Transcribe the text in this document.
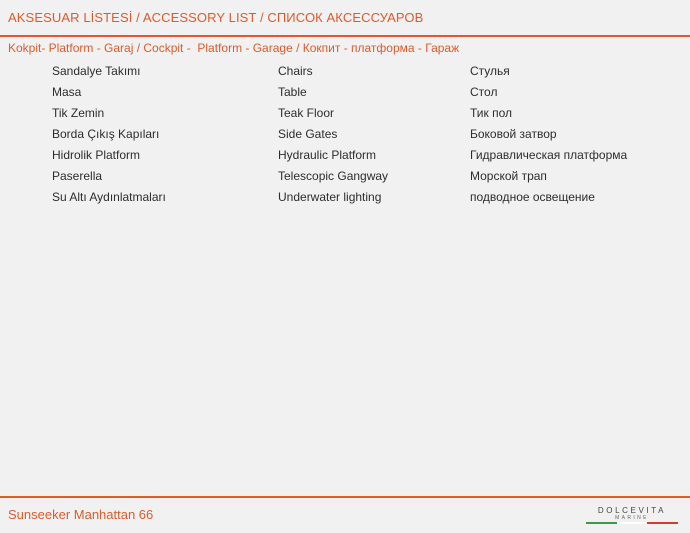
AKSESUAR LİSTESİ / ACCESSORY LIST / СПИСОК АКСЕССУАРОВ
Kokpit- Platform - Garaj / Cockpit -  Platform - Garage / Кокпит - платформа - Гараж
Sandalye Takımı	Chairs	Стулья
Masa	Table	Стол
Tik Zemin	Teak Floor	Тик пол
Borda Çıkış Kapıları	Side Gates	Боковой затвор
Hidrolik Platform	Hydraulic Platform	Гидравлическая платформа
Paserella	Telescopic Gangway	Морской трап
Su Altı Aydınlatmaları	Underwater lighting	подводное освещение
Sunseeker Manhattan 66	DOLCEVITA
MARINE
